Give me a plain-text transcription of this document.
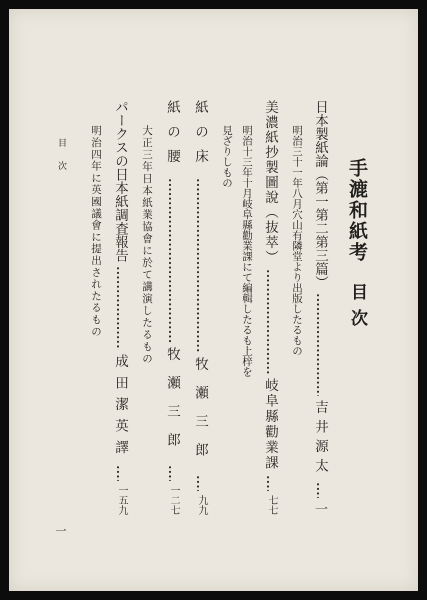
手漉和紙考
目次
日本製紙論（第一第二第三篇）
吉井源太
一
明治三十一年八月穴山有隣堂より出版したるもの
美濃紙抄製圖說（抜萃）
岐阜縣勸業課
七七
明治十三年十月岐阜縣勸業課にて編輯したるも上梓を
見ざりしもの
紙の床
牧瀬三郎
九九
紙の腰
牧瀬三郎
一二七
大正三年日本紙業協會に於て講演したるもの
パークスの日本紙調査報告
成田潔英譯
一五九
明治四年に英國議會に提出されたるもの
目次
一
